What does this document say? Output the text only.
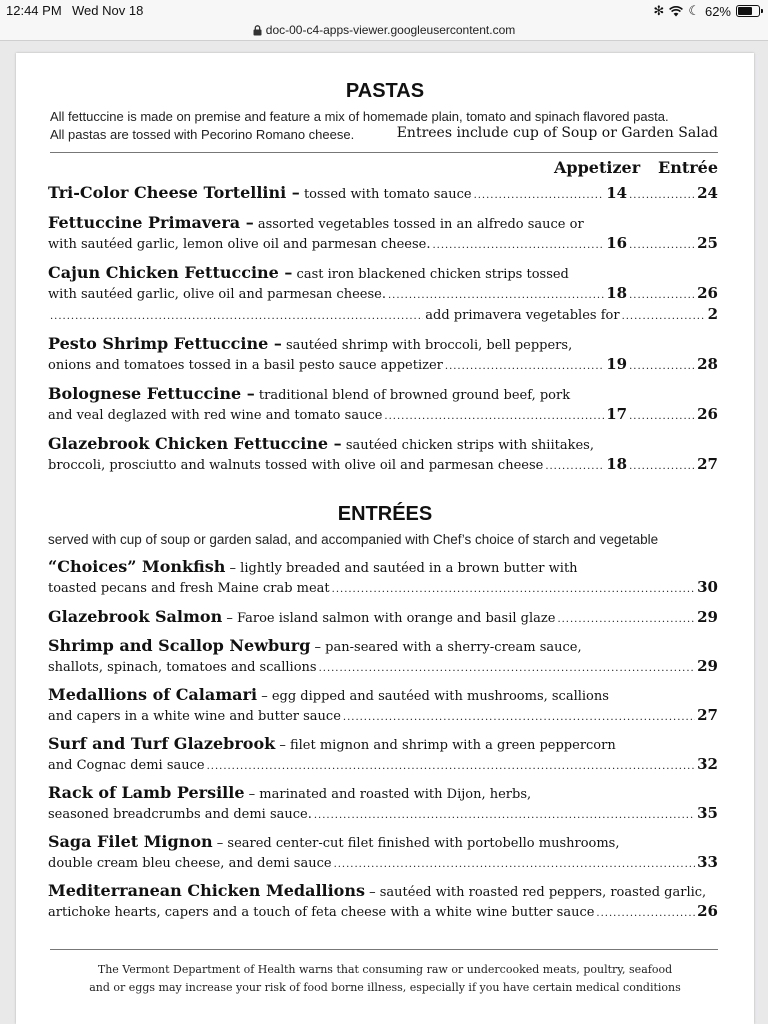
12:44 PM Wed Nov 18	✻ ☾ 62%
doc-00-c4-apps-viewer.googleusercontent.com
PASTAS
All fettuccine is made on premise and feature a mix of homemade plain, tomato and spinach flavored pasta.
All pastas are tossed with Pecorino Romano cheese.	Entrees include cup of Soup or Garden Salad
Appetizer Entrée
Tri-Color Cheese Tortellini –
tossed with tomato sauce .....	14 .....	24
Fettuccine Primavera –
assorted vegetables tossed in an alfredo sauce or
with sautéed garlic, lemon olive oil and parmesan cheese. .....	16 .....	25
Cajun Chicken Fettuccine –
cast iron blackened chicken strips tossed
with sautéed garlic, olive oil and parmesan cheese. .....	18 .....	26
.....
add primavera vegetables for .....	2
Pesto Shrimp Fettuccine –
sautéed shrimp with broccoli, bell peppers,
onions and tomatoes tossed in a basil pesto sauce appetizer .....	19 .....	28
Bolognese Fettuccine –
traditional blend of browned ground beef, pork
and veal deglazed with red wine and tomato sauce .....	17 .....	26
Glazebrook Chicken Fettuccine –
sautéed chicken strips with shiitakes,
broccoli, prosciutto and walnuts tossed with olive oil and parmesan cheese .....	18 .....	27
ENTRÉES
served with cup of soup or garden salad, and accompanied with Chef’s choice of starch and vegetable
“Choices” Monkfish
– lightly breaded and sautéed in a brown butter with
toasted pecans and fresh Maine crab meat .....	30
Glazebrook Salmon
– Faroe island salmon with orange and basil glaze .....	29
Shrimp and Scallop Newburg
– pan-seared with a sherry-cream sauce,
shallots, spinach, tomatoes and scallions .....	29
Medallions of Calamari
– egg dipped and sautéed with mushrooms, scallions
and capers in a white wine and butter sauce .....	27
Surf and Turf Glazebrook
– filet mignon and shrimp with a green peppercorn
and Cognac demi sauce .....	32
Rack of Lamb Persille
– marinated and roasted with Dijon, herbs,
seasoned breadcrumbs and demi sauce. .....	35
Saga Filet Mignon
– seared center-cut filet finished with portobello mushrooms,
double cream bleu cheese, and demi sauce .....	33
Mediterranean Chicken Medallions
– sautéed with roasted red peppers, roasted garlic,
artichoke hearts, capers and a touch of feta cheese with a white wine butter sauce .....	26
The Vermont Department of Health warns that consuming raw or undercooked meats, poultry, seafood
and or eggs may increase your risk of food borne illness, especially if you have certain medical conditions
